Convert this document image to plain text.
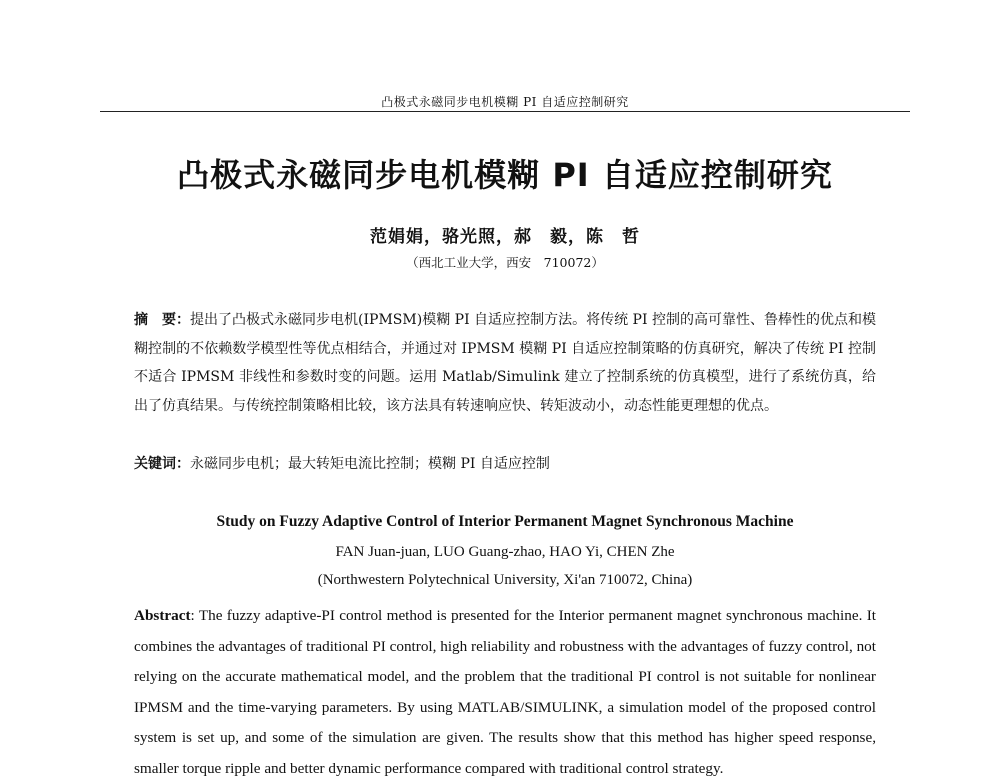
凸极式永磁同步电机模糊 PI 自适应控制研究
凸极式永磁同步电机模糊 PI 自适应控制研究
范娟娟，骆光照，郝　毅，陈　哲
（西北工业大学，西安　710072）
摘　要：提出了凸极式永磁同步电机(IPMSM)模糊 PI 自适应控制方法。将传统 PI 控制的高可靠性、鲁棒性的优点和模糊控制的不依赖数学模型性等优点相结合，并通过对 IPMSM 模糊 PI 自适应控制策略的仿真研究，解决了传统 PI 控制不适合 IPMSM 非线性和参数时变的问题。运用 Matlab/Simulink 建立了控制系统的仿真模型，进行了系统仿真，给出了仿真结果。与传统控制策略相比较，该方法具有转速响应快、转矩波动小，动态性能更理想的优点。
关键词：永磁同步电机；最大转矩电流比控制；模糊 PI 自适应控制
Study on Fuzzy Adaptive Control of Interior Permanent Magnet Synchronous Machine
FAN Juan-juan, LUO Guang-zhao, HAO Yi, CHEN Zhe
(Northwestern Polytechnical University, Xi'an 710072, China)
Abstract: The fuzzy adaptive-PI control method is presented for the Interior permanent magnet synchronous machine. It combines the advantages of traditional PI control, high reliability and robustness with the advantages of fuzzy control, not relying on the accurate mathematical model, and the problem that the traditional PI control is not suitable for nonlinear IPMSM and the time-varying parameters. By using MATLAB/SIMULINK, a simulation model of the proposed control system is set up, and some of the simulation are given. The results show that this method has higher speed response, smaller torque ripple and better dynamic performance compared with traditional control strategy.
